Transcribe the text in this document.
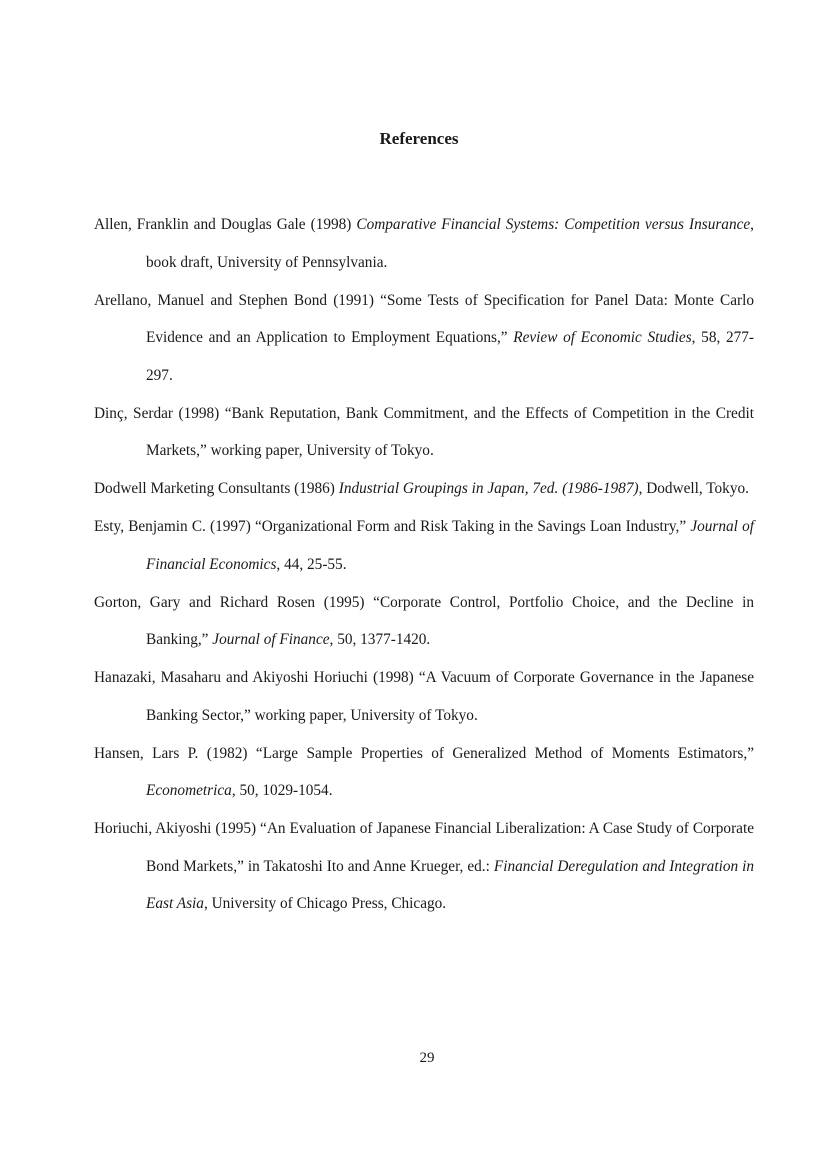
References

Allen, Franklin and Douglas Gale (1998) Comparative Financial Systems: Competition versus Insurance, book draft, University of Pennsylvania.

Arellano, Manuel and Stephen Bond (1991) “Some Tests of Specification for Panel Data: Monte Carlo Evidence and an Application to Employment Equations,” Review of Economic Studies, 58, 277-297.

Dinç, Serdar (1998) “Bank Reputation, Bank Commitment, and the Effects of Competition in the Credit Markets,” working paper, University of Tokyo.

Dodwell Marketing Consultants (1986) Industrial Groupings in Japan, 7ed. (1986-1987), Dodwell, Tokyo.

Esty, Benjamin C. (1997) “Organizational Form and Risk Taking in the Savings Loan Industry,” Journal of Financial Economics, 44, 25-55.

Gorton, Gary and Richard Rosen (1995) “Corporate Control, Portfolio Choice, and the Decline in Banking,” Journal of Finance, 50, 1377-1420.

Hanazaki, Masaharu and Akiyoshi Horiuchi (1998) “A Vacuum of Corporate Governance in the Japanese Banking Sector,” working paper, University of Tokyo.

Hansen, Lars P. (1982) “Large Sample Properties of Generalized Method of Moments Estimators,” Econometrica, 50, 1029-1054.

Horiuchi, Akiyoshi (1995) “An Evaluation of Japanese Financial Liberalization: A Case Study of Corporate Bond Markets,” in Takatoshi Ito and Anne Krueger, ed.: Financial Deregulation and Integration in East Asia, University of Chicago Press, Chicago.

29
